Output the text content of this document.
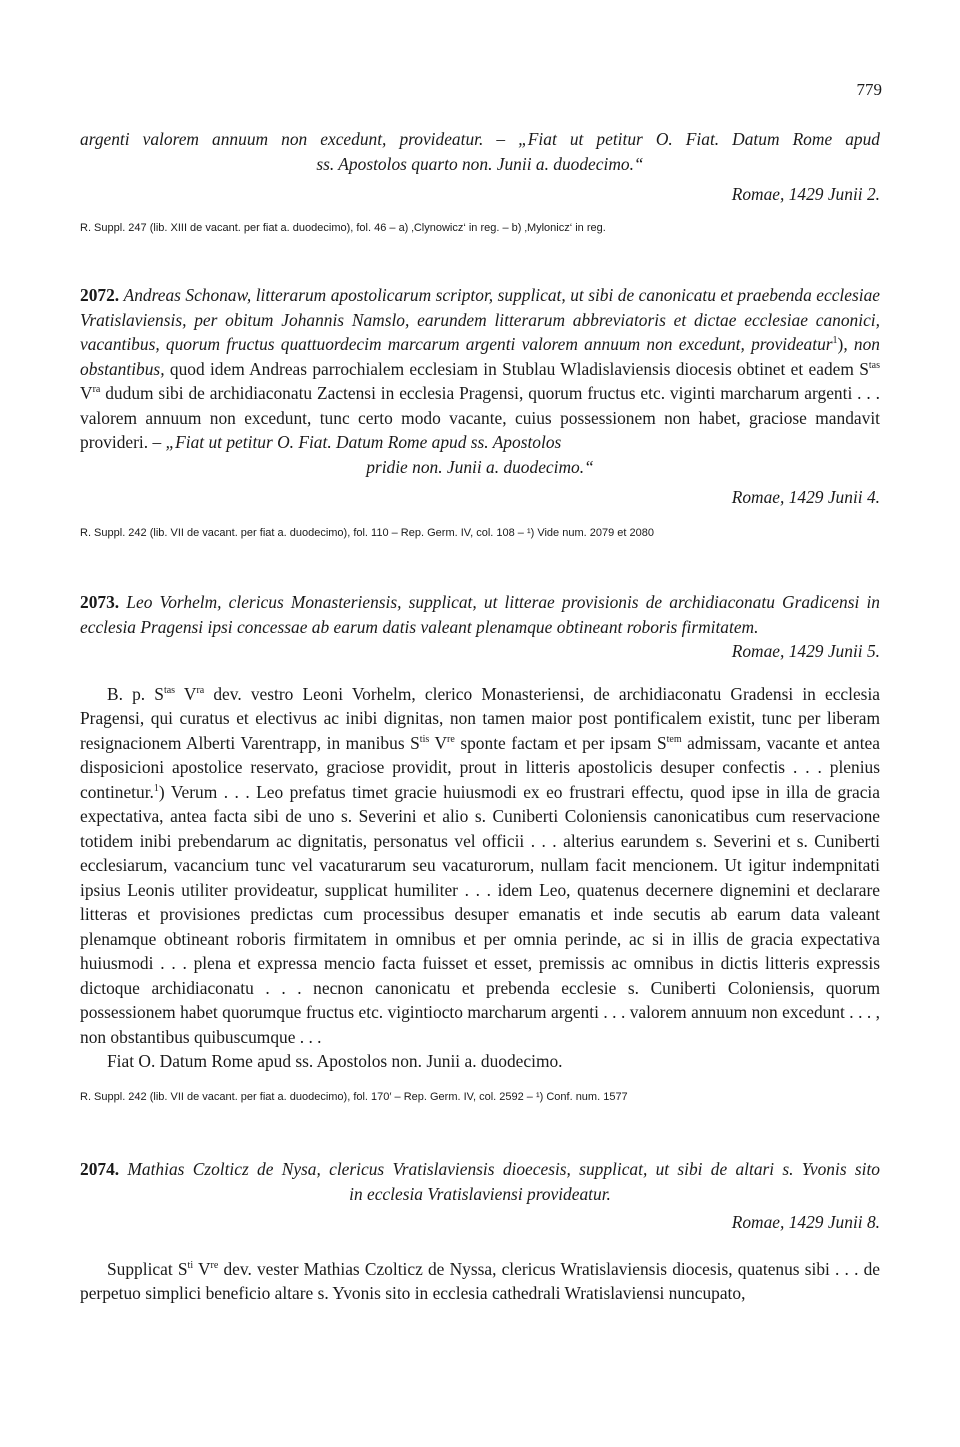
779

argenti valorem annuum non excedunt, provideatur. – „Fiat ut petitur O. Fiat. Datum Rome apud

ss. Apostolos quarto non. Junii a. duodecimo.“

Romae, 1429 Junii 2.
R. Suppl. 247 (lib. XIII de vacant. per fiat a. duodecimo), fol. 46 – a) ‚Clynowicz‘ in reg. – b) ‚Mylonicz‘ in reg.

2072. Andreas Schonaw, litterarum apostolicarum scriptor, supplicat, ut sibi de canonicatu et praebenda ecclesiae Vratislaviensis, per obitum Johannis Namslo, earundem litterarum abbreviatoris et dictae ecclesiae canonici, vacantibus, quorum fructus quattuordecim marcarum argenti valorem annuum non excedunt, provideatur$^1$), non obstantibus, quod idem Andreas parrochialem ecclesiam in Stublau Wladislaviensis diocesis obtinet et eadem $S^{tas}$ $V^{ra}$ dudum sibi de archidiaconatu Zactensi in ecclesia Pragensi, quorum fructus etc. viginti marcharum argenti . . . valorem annuum non excedunt, tunc certo modo vacante, cuius possessionem non habet, graciose mandavit provideri. – „Fiat ut petitur O. Fiat. Datum Rome apud ss. Apostolos

pridie non. Junii a. duodecimo.“

Romae, 1429 Junii 4.
R. Suppl. 242 (lib. VII de vacant. per fiat a. duodecimo), fol. 110 – Rep. Germ. IV, col. 108 – ¹) Vide num. 2079 et 2080

2073. Leo Vorhelm, clericus Monasteriensis, supplicat, ut litterae provisionis de archidiaconatu Gradicensi in ecclesia Pragensi ipsi concessae ab earum datis valeant plenamque obtineant roboris firmitatem.

Romae, 1429 Junii 5.

B. p. $S^{tas}$ $V^{ra}$ dev. vestro Leoni Vorhelm, clerico Monasteriensi, de archidiaconatu Gradensi in ecclesia Pragensi, qui curatus et electivus ac inibi dignitas, non tamen maior post pontificalem existit, tunc per liberam resignacionem Alberti Varentrapp, in manibus $S^{tis}$ Vre sponte factam et per ipsam $S^{tem}$ admissam, vacante et antea disposicioni apostolice reservato, graciose providit, prout in litteris apostolicis desuper confectis . . . plenius continetur.$^1$) Verum . . . Leo prefatus timet gracie huiusmodi ex eo frustrari effectu, quod ipse in illa de gracia expectativa, antea facta sibi de uno s. Severini et alio s. Cuniberti Coloniensis canonicatibus cum reservacione totidem inibi prebendarum ac dignitatis, personatus vel officii . . . alterius earundem s. Severini et s. Cuniberti ecclesiarum, vacancium tunc vel vacaturarum seu vacaturorum, nullam facit mencionem. Ut igitur indempnitati ipsius Leonis utiliter provideatur, supplicat humiliter . . . idem Leo, quatenus decernere dignemini et declarare litteras et provisiones predictas cum processibus desuper emanatis et inde secutis ab earum data valeant plenamque obtineant roboris firmitatem in omnibus et per omnia perinde, ac si in illis de gracia expectativa huiusmodi . . . plena et expressa mencio facta fuisset et esset, premissis ac omnibus in dictis litteris expressis dictoque archidiaconatu . . . necnon canonicatu et prebenda ecclesie s. Cuniberti Coloniensis, quorum possessionem habet quorumque fructus etc. vigintiocto marcharum argenti . . . valorem annuum non excedunt . . . , non obstantibus quibuscumque . . .

Fiat O. Datum Rome apud ss. Apostolos non. Junii a. duodecimo.

R. Suppl. 242 (lib. VII de vacant. per fiat a. duodecimo), fol. 170′ – Rep. Germ. IV, col. 2592 – ¹) Conf. num. 1577

2074. Mathias Czolticz de Nysa, clericus Vratislaviensis dioecesis, supplicat, ut sibi de altari s. Yvonis sito

in ecclesia Vratislaviensi provideatur.

Romae, 1429 Junii 8.

Supplicat $S^{ti}$ Vre dev. vester Mathias Czolticz de Nyssa, clericus Wratislaviensis diocesis, quatenus sibi . . . de perpetuo simplici beneficio altare s. Yvonis sito in ecclesia cathedrali Wratislaviensi nuncupato,
